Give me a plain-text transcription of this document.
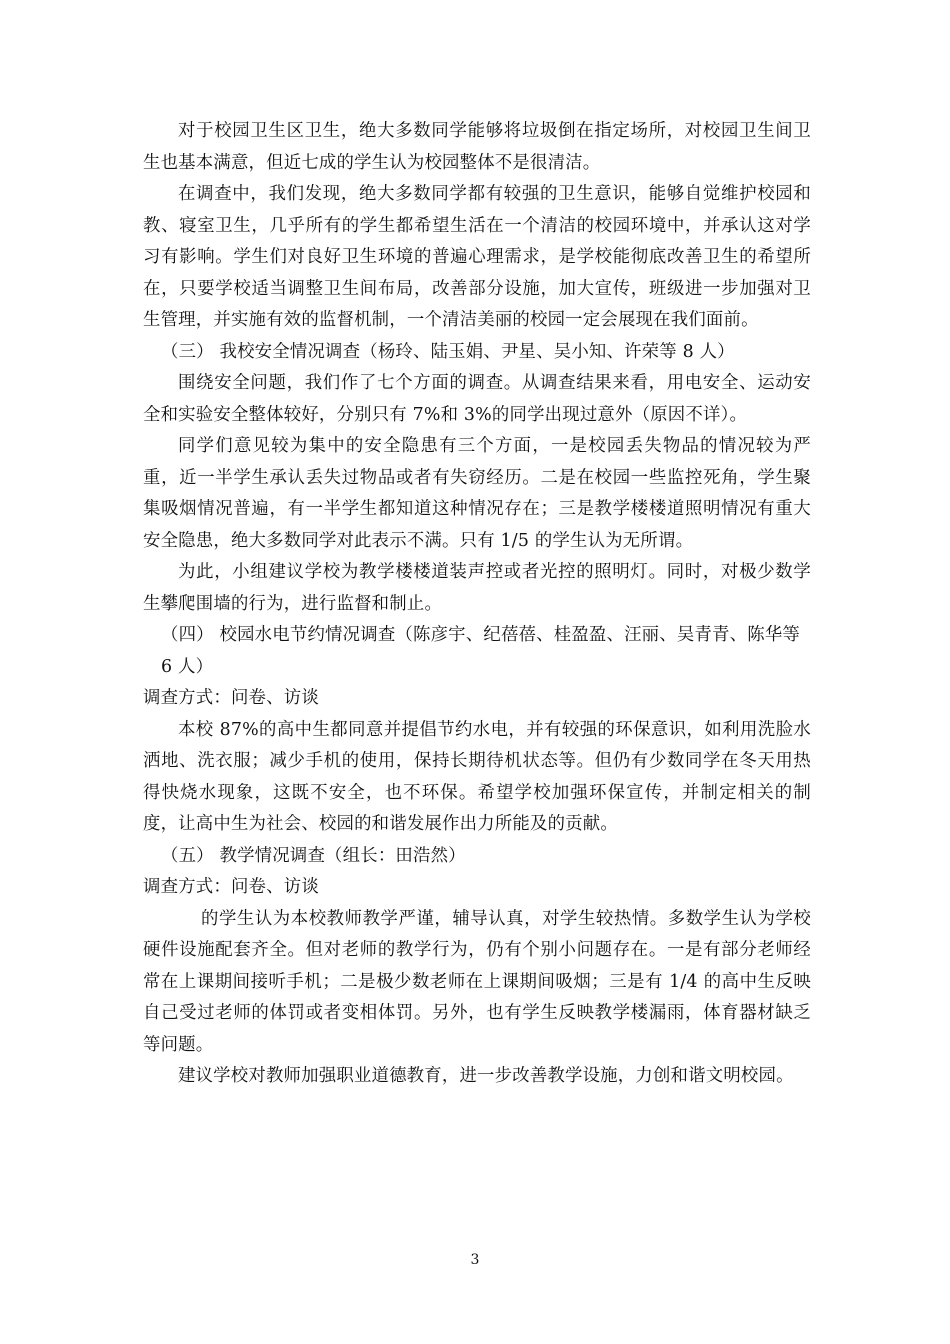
对于校园卫生区卫生，绝大多数同学能够将垃圾倒在指定场所，对校园卫生间卫生也基本满意，但近七成的学生认为校园整体不是很清洁。

在调查中，我们发现，绝大多数同学都有较强的卫生意识，能够自觉维护校园和教、寝室卫生，几乎所有的学生都希望生活在一个清洁的校园环境中，并承认这对学习有影响。学生们对良好卫生环境的普遍心理需求，是学校能彻底改善卫生的希望所在，只要学校适当调整卫生间布局，改善部分设施，加大宣传，班级进一步加强对卫生管理，并实施有效的监督机制，一个清洁美丽的校园一定会展现在我们面前。

（三） 我校安全情况调查（杨玲、陆玉娟、尹星、吴小知、许荣等 8 人）

围绕安全问题，我们作了七个方面的调查。从调查结果来看，用电安全、运动安全和实验安全整体较好，分别只有 7%和 3%的同学出现过意外（原因不详）。

同学们意见较为集中的安全隐患有三个方面，一是校园丢失物品的情况较为严重，近一半学生承认丢失过物品或者有失窃经历。二是在校园一些监控死角，学生聚集吸烟情况普遍，有一半学生都知道这种情况存在；三是教学楼楼道照明情况有重大安全隐患，绝大多数同学对此表示不满。只有 1/5 的学生认为无所谓。

为此，小组建议学校为教学楼楼道装声控或者光控的照明灯。同时，对极少数学生攀爬围墙的行为，进行监督和制止。

（四） 校园水电节约情况调查（陈彦宇、纪蓓蓓、桂盈盈、汪丽、吴青青、陈华等 6 人）

调查方式：问卷、访谈

本校 87%的高中生都同意并提倡节约水电，并有较强的环保意识，如利用洗脸水洒地、洗衣服；减少手机的使用，保持长期待机状态等。但仍有少数同学在冬天用热得快烧水现象，这既不安全，也不环保。希望学校加强环保宣传，并制定相关的制度，让高中生为社会、校园的和谐发展作出力所能及的贡献。

（五） 教学情况调查（组长：田浩然）

调查方式：问卷、访谈

的学生认为本校教师教学严谨，辅导认真，对学生较热情。多数学生认为学校硬件设施配套齐全。但对老师的教学行为，仍有个别小问题存在。一是有部分老师经常在上课期间接听手机；二是极少数老师在上课期间吸烟；三是有 1/4 的高中生反映自己受过老师的体罚或者变相体罚。另外，也有学生反映教学楼漏雨，体育器材缺乏等问题。

建议学校对教师加强职业道德教育，进一步改善教学设施，力创和谐文明校园。

3
